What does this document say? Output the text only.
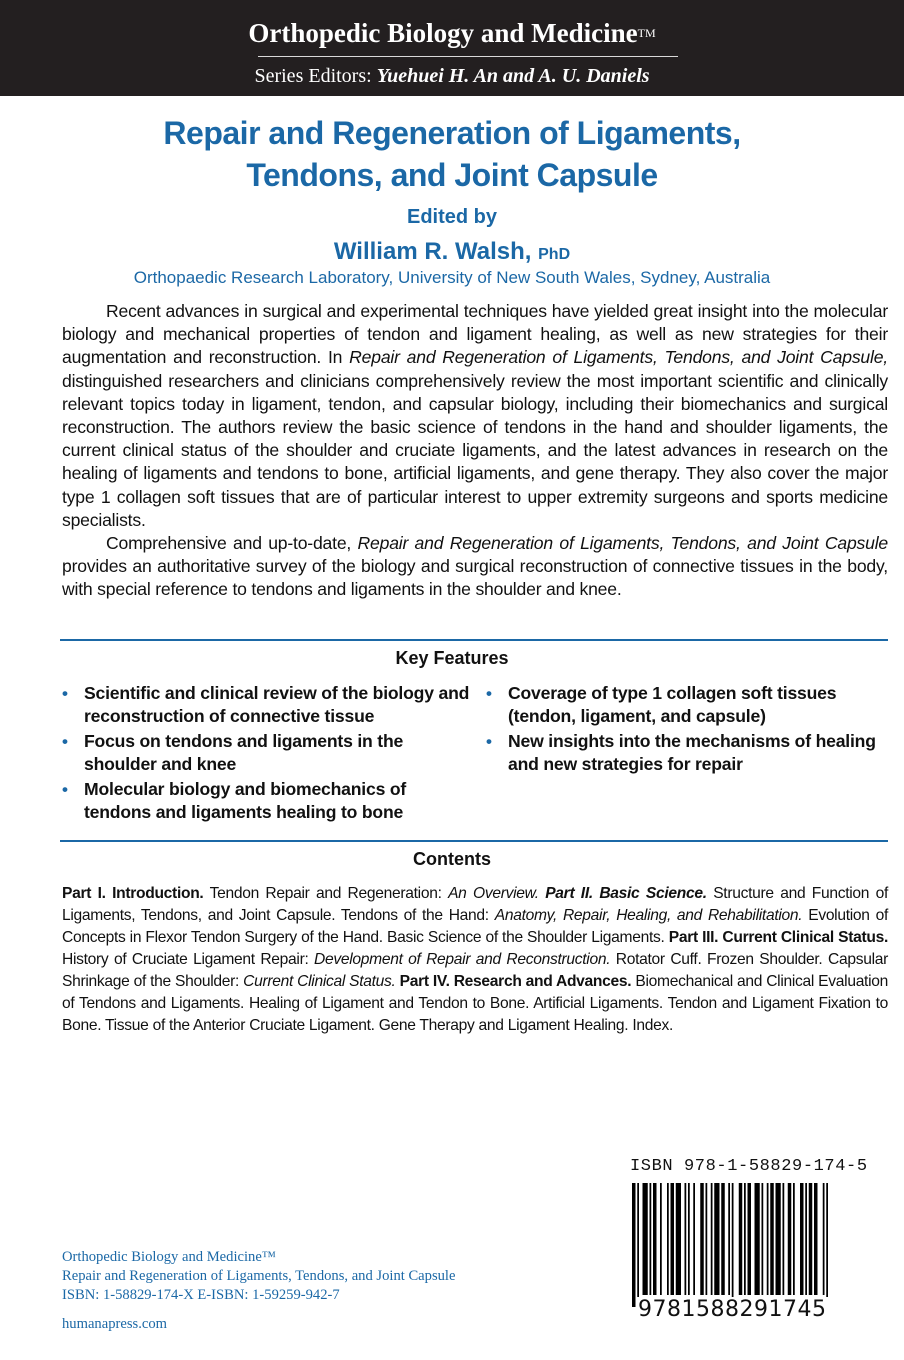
Orthopedic Biology and Medicine™
Series Editors: Yuehuei H. An and A. U. Daniels
Repair and Regeneration of Ligaments,
Tendons, and Joint Capsule
Edited by
William R. Walsh, PhD
Orthopaedic Research Laboratory, University of New South Wales, Sydney, Australia

Recent advances in surgical and experimental techniques have yielded great insight into the molecular biology and mechanical properties of tendon and ligament healing, as well as new strategies for their augmentation and reconstruction. In Repair and Regeneration of Ligaments, Tendons, and Joint Capsule, distinguished researchers and clinicians comprehensively review the most important scientific and clinically relevant topics today in ligament, tendon, and capsular biology, including their biomechanics and surgical reconstruction. The authors review the basic science of tendons in the hand and shoulder ligaments, the current clinical status of the shoulder and cruciate ligaments, and the latest advances in research on the healing of ligaments and tendons to bone, artificial ligaments, and gene therapy. They also cover the major type 1 collagen soft tissues that are of particular interest to upper extremity surgeons and sports medicine specialists.

Comprehensive and up-to-date, Repair and Regeneration of Ligaments, Tendons, and Joint Capsule provides an authoritative survey of the biology and surgical reconstruction of connective tissues in the body, with special reference to tendons and ligaments in the shoulder and knee.

Key Features
• Scientific and clinical review of the biology and reconstruction of connective tissue
• Focus on tendons and ligaments in the shoulder and knee
• Molecular biology and biomechanics of tendons and ligaments healing to bone
• Coverage of type 1 collagen soft tissues (tendon, ligament, and capsule)
• New insights into the mechanisms of healing and new strategies for repair
Contents

Part I. Introduction. Tendon Repair and Regeneration: An Overview. Part II. Basic Science. Structure and Function of Ligaments, Tendons, and Joint Capsule. Tendons of the Hand: Anatomy, Repair, Healing, and Rehabilitation. Evolution of Concepts in Flexor Tendon Surgery of the Hand. Basic Science of the Shoulder Ligaments. Part III. Current Clinical Status. History of Cruciate Ligament Repair: Development of Repair and Reconstruction. Rotator Cuff. Frozen Shoulder. Capsular Shrinkage of the Shoulder: Current Clinical Status. Part IV. Research and Advances. Biomechanical and Clinical Evaluation of Tendons and Ligaments. Healing of Ligament and Tendon to Bone. Artificial Ligaments. Tendon and Ligament Fixation to Bone. Tissue of the Anterior Cruciate Ligament. Gene Therapy and Ligament Healing. Index.

ISBN 978-1-58829-174-5
9781588291745
Orthopedic Biology and Medicine™
Repair and Regeneration of Ligaments, Tendons, and Joint Capsule
ISBN: 1-58829-174-X E-ISBN: 1-59259-942-7
humanapress.com
